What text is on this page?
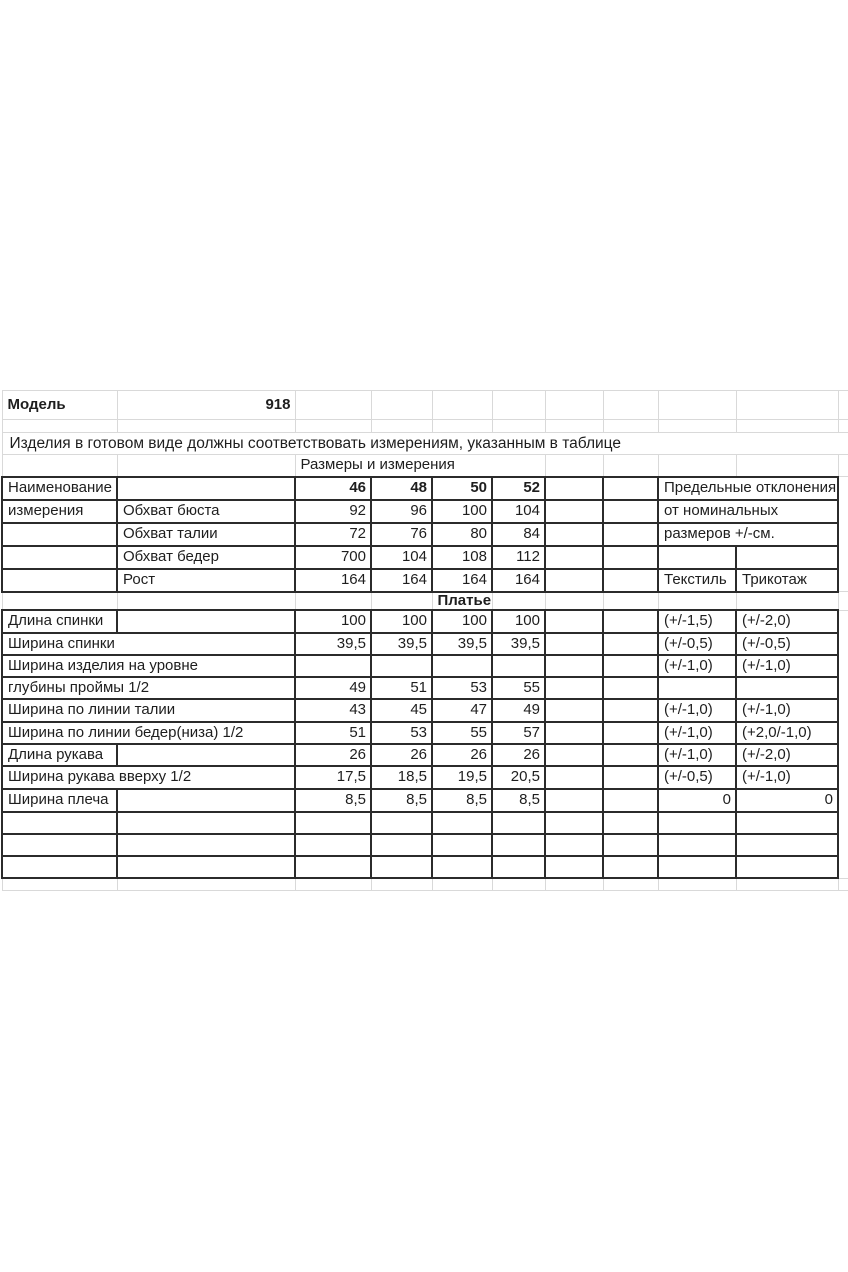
Модель	918									

Изделия в готовом виде должны соответствовать измерениям, указанным в таблице										
		Размеры и измерения								
Наименование		46	48	50	52			Предельные отклонения		
измерения	Обхват бюста	92	96	100	104			от номинальных		
	Обхват талии	72	76	80	84			размеров +/-см.		
	Обхват бедер	700	104	108	112					
	Рост	164	164	164	164			Текстиль	Трикотаж	
				Платье						
Длина спинки		100	100	100	100			(+/-1,5)	(+/-2,0)	
Ширина спинки		39,5	39,5	39,5	39,5			(+/-0,5)	(+/-0,5)	
Ширина изделия на уровне								(+/-1,0)	(+/-1,0)	
глубины проймы 1/2		49	51	53	55					
Ширина по линии талии		43	45	47	49			(+/-1,0)	(+/-1,0)	
Ширина по линии бедер(низа) 1/2		51	53	55	57			(+/-1,0)	(+2,0/-1,0)	
Длина рукава		26	26	26	26			(+/-1,0)	(+/-2,0)	
Ширина рукава вверху 1/2		17,5	18,5	19,5	20,5			(+/-0,5)	(+/-1,0)	
Ширина плеча		8,5	8,5	8,5	8,5			0	0	
